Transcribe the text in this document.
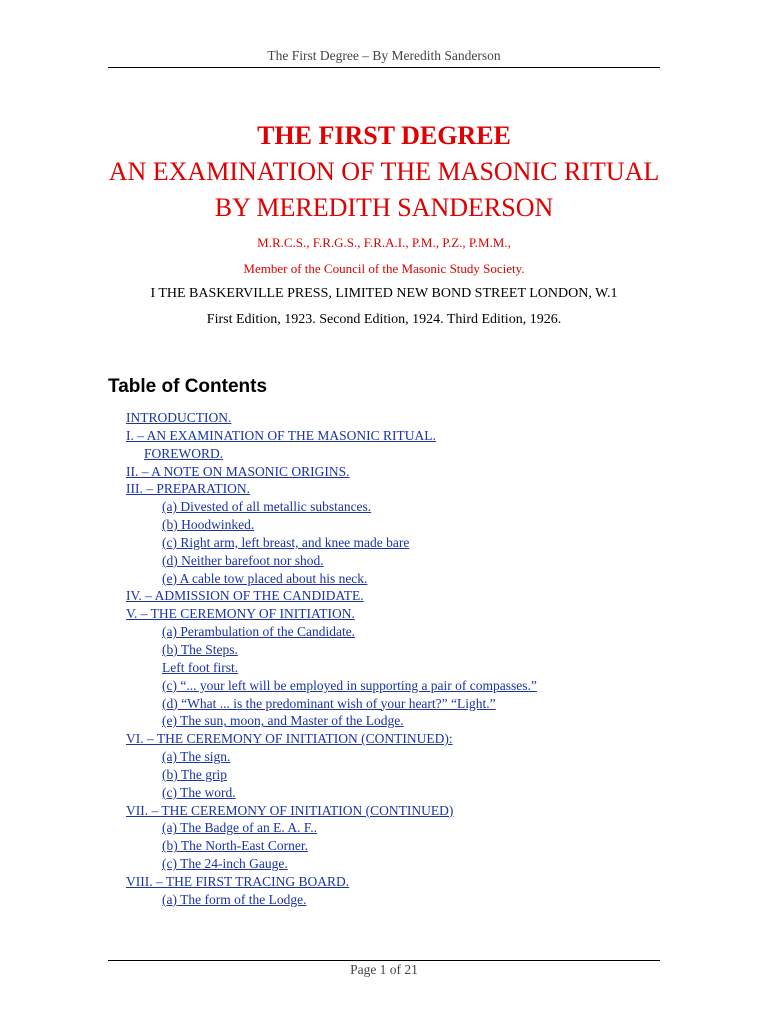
The First Degree – By Meredith Sanderson
THE FIRST DEGREE
AN EXAMINATION OF THE MASONIC RITUAL
BY MEREDITH SANDERSON
M.R.C.S., F.R.G.S., F.R.A.I., P.M., P.Z., P.M.M.,
Member of the Council of the Masonic Study Society.
I THE BASKERVILLE PRESS, LIMITED NEW BOND STREET LONDON, W.1
First Edition, 1923. Second Edition, 1924. Third Edition, 1926.
Table of Contents
INTRODUCTION.
I. – AN EXAMINATION OF THE MASONIC RITUAL.
FOREWORD.
II. – A NOTE ON MASONIC ORIGINS.
III. – PREPARATION.
(a) Divested of all metallic substances.
(b) Hoodwinked.
(c) Right arm, left breast, and knee made bare
(d) Neither barefoot nor shod.
(e) A cable tow placed about his neck.
IV. – ADMISSION OF THE CANDIDATE.
V. – THE CEREMONY OF INITIATION.
(a) Perambulation of the Candidate.
(b) The Steps.
Left foot first.
(c) “... your left will be employed in supporting a pair of compasses.”
(d) “What ... is the predominant wish of your heart?” “Light.”
(e) The sun, moon, and Master of the Lodge.
VI. – THE CEREMONY OF INITIATION (CONTINUED):
(a) The sign.
(b) The grip
(c) The word.
VII. – THE CEREMONY OF INITIATION (CONTINUED)
(a) The Badge of an E. A. F..
(b) The North-East Corner.
(c) The 24-inch Gauge.
VIII. – THE FIRST TRACING BOARD.
(a) The form of the Lodge.
Page 1 of 21
